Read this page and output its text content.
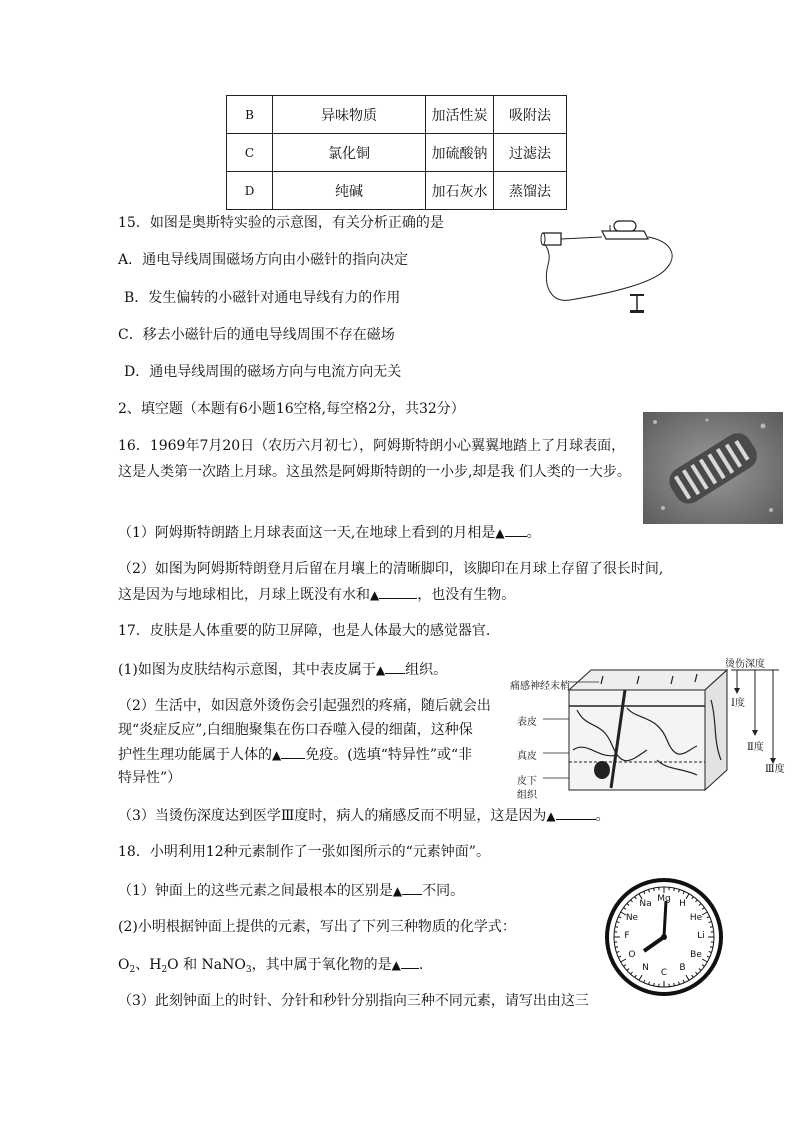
B	异味物质	加活性炭	吸附法
C	氯化铜	加硫酸钠	过滤法
D	纯碱	加石灰水	蒸馏法
15．如图是奥斯特实验的示意图，有关分析正确的是
A．通电导线周围磁场方向由小磁针的指向决定
B．发生偏转的小磁针对通电导线有力的作用
C．移去小磁针后的通电导线周围不存在磁场
D．通电导线周围的磁场方向与电流方向无关
2、填空题（本题有6小题16空格,每空格2分，共32分）
16．1969年7月20日（农历六月初七），阿姆斯特朗小心翼翼地踏上了月球表面，
这是人类第一次踏上月球。这虽然是阿姆斯特朗的一小步,却是我 们人类的一大步。
（1）阿姆斯特朗踏上月球表面这一天,在地球上看到的月相是▲ 。
（2）如图为阿姆斯特朗登月后留在月壤上的清晰脚印，该脚印在月球上存留了很长时间,
这是因为与地球相比，月球上既没有水和▲	，也没有生物。
17．皮肤是人体重要的防卫屏障，也是人体最大的感觉器官.
(1)如图为皮肤结构示意图，其中表皮属于▲ 组织。
（2）生活中，如因意外烫伤会引起强烈的疼痛，随后就会出
现“炎症反应”,白细胞聚集在伤口吞噬入侵的细菌，这种保
护性生理功能属于人体的▲ 免疫。(选填“特异性”或“非
特异性”）
（3）当烫伤深度达到医学Ⅲ度时，病人的痛感反而不明显，这是因为▲	。
痛感神经末梢
烫伤深度
表皮
真皮
皮下
组织
Ⅰ度
Ⅱ度
Ⅲ度
18．小明利用12种元素制作了一张如图所示的“元素钟面”。
（1）钟面上的这些元素之间最根本的区别是▲ 不同。
(2)小明根据钟面上提供的元素，写出了下列三种物质的化学式：
$O_2$、$H_2O$ 和 NaNO$_3$，其中属于氧化物的是▲ .
（3）此刻钟面上的时针、分针和秒针分别指向三种不同元素，请写出由这三
Mg H
He
Li
Be
B
C
N
O
F
Ne
Na
